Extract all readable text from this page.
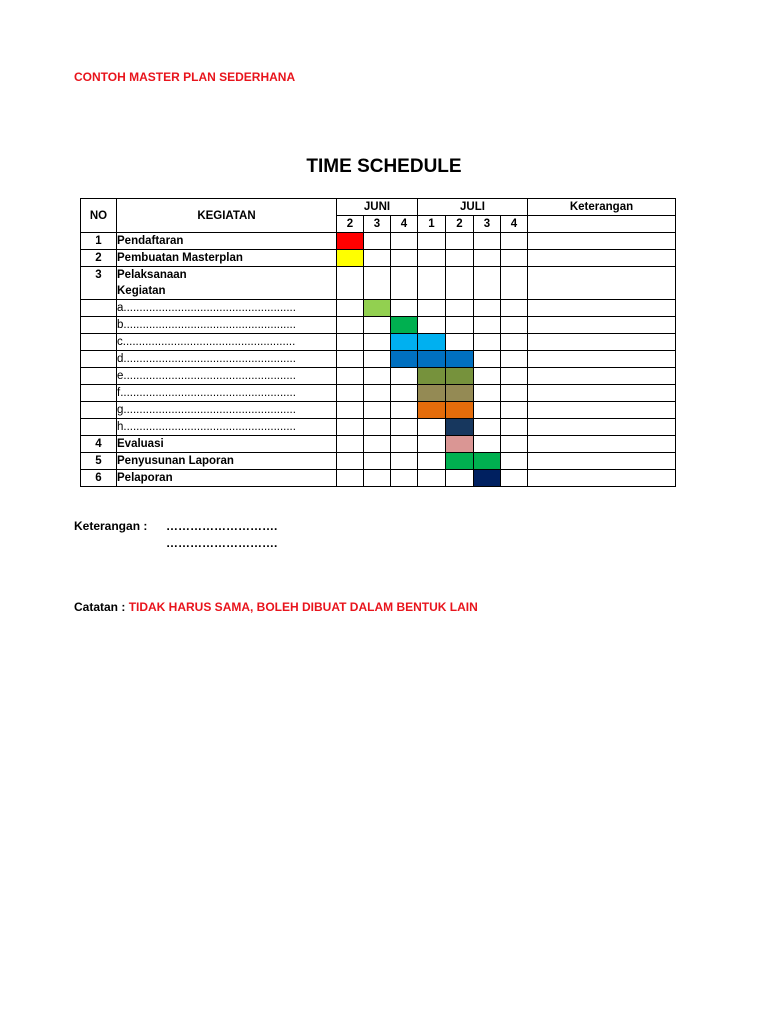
CONTOH MASTER PLAN SEDERHANA
TIME SCHEDULE
NO	KEGIATAN	JUNI			JULI				Keterangan
		2	3	4	1	2	3	4	
1	Pendaftaran								
2	Pembuatan Masterplan								
3	Pelaksanaan
Kegiatan								

	a......................................................								
	b......................................................								
	c......................................................								
	d......................................................								
	e......................................................								
	f.......................................................								
	g......................................................								
	h......................................................								
4	Evaluasi								
5	Penyusunan Laporan								
6	Pelaporan								
Keterangan : ……………………….
……………………….
Catatan : TIDAK HARUS SAMA, BOLEH DIBUAT DALAM BENTUK LAIN
